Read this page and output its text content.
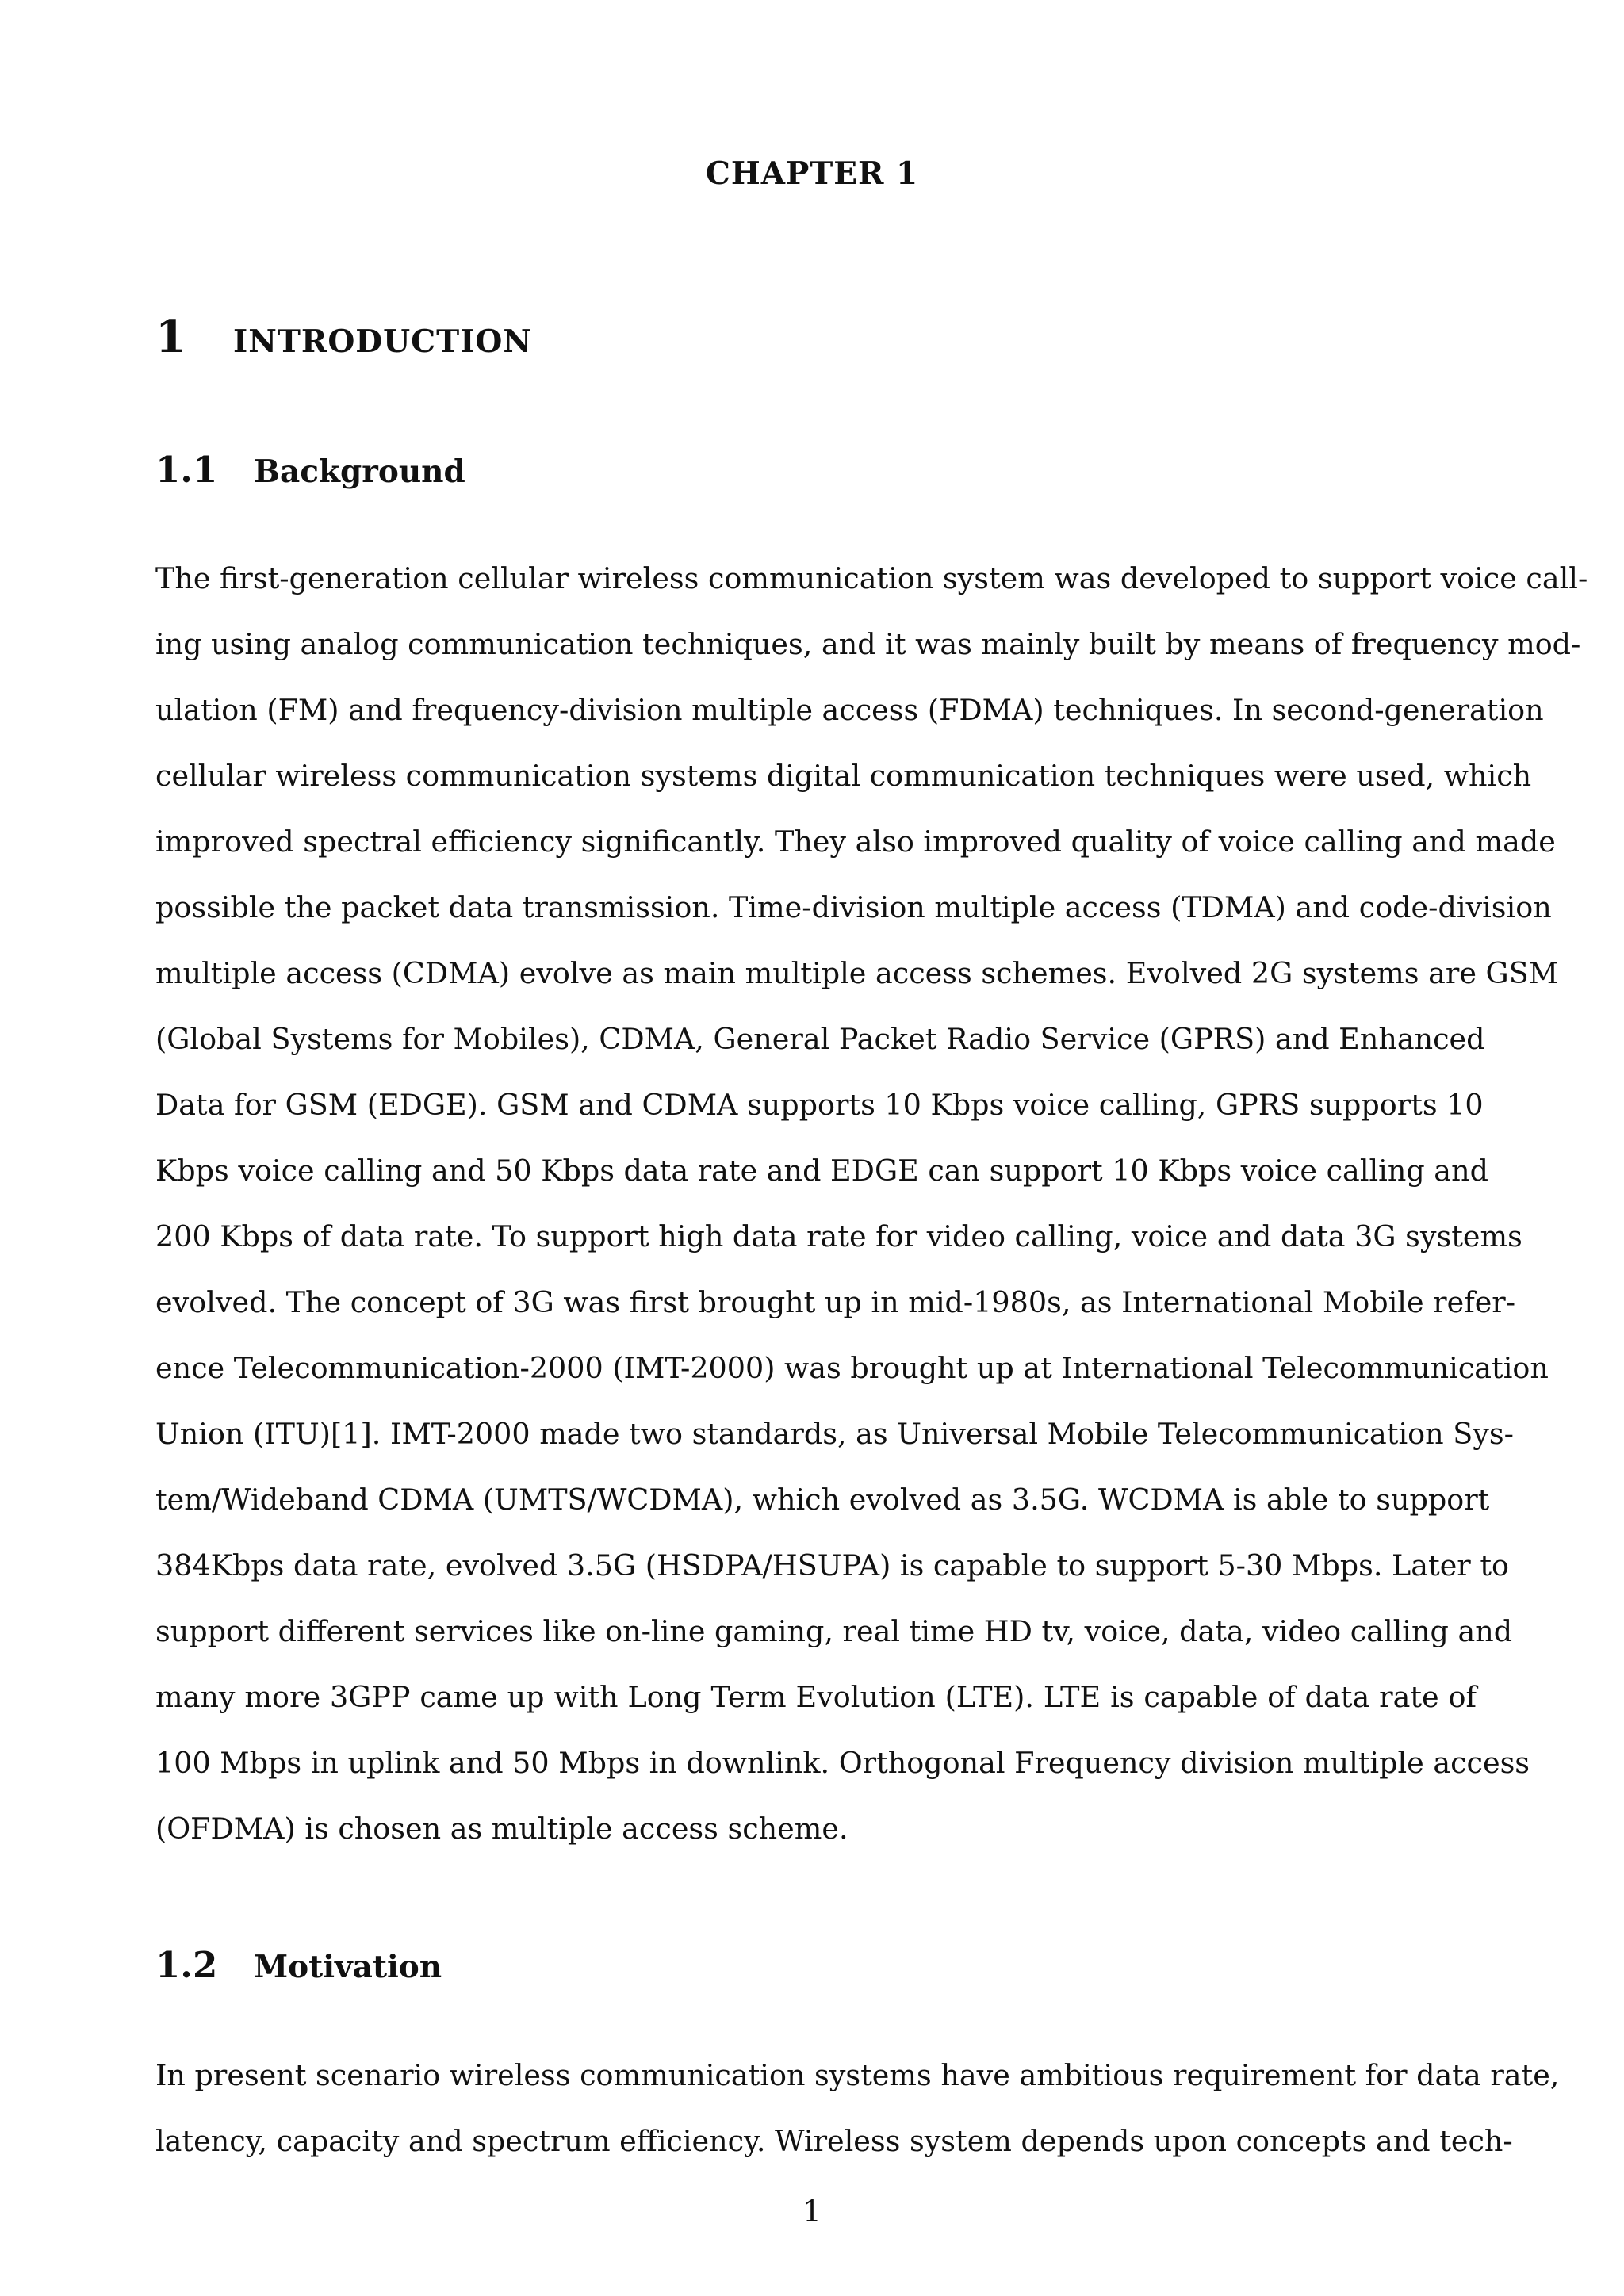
CHAPTER 1
1	INTRODUCTION
1.1	Background
The first-generation cellular wireless communication system was developed to support voice call-
ing using analog communication techniques, and it was mainly built by means of frequency mod-
ulation (FM) and frequency-division multiple access (FDMA) techniques. In second-generation
cellular wireless communication systems digital communication techniques were used, which
improved spectral efficiency significantly. They also improved quality of voice calling and made
possible the packet data transmission. Time-division multiple access (TDMA) and code-division
multiple access (CDMA) evolve as main multiple access schemes. Evolved 2G systems are GSM
(Global Systems for Mobiles), CDMA, General Packet Radio Service (GPRS) and Enhanced
Data for GSM (EDGE). GSM and CDMA supports 10 Kbps voice calling, GPRS supports 10
Kbps voice calling and 50 Kbps data rate and EDGE can support 10 Kbps voice calling and
200 Kbps of data rate. To support high data rate for video calling, voice and data 3G systems
evolved. The concept of 3G was first brought up in mid-1980s, as International Mobile refer-
ence Telecommunication-2000 (IMT-2000) was brought up at International Telecommunication
Union (ITU)[1]. IMT-2000 made two standards, as Universal Mobile Telecommunication Sys-
tem/Wideband CDMA (UMTS/WCDMA), which evolved as 3.5G. WCDMA is able to support
384Kbps data rate, evolved 3.5G (HSDPA/HSUPA) is capable to support 5-30 Mbps. Later to
support different services like on-line gaming, real time HD tv, voice, data, video calling and
many more 3GPP came up with Long Term Evolution (LTE). LTE is capable of data rate of
100 Mbps in uplink and 50 Mbps in downlink. Orthogonal Frequency division multiple access
(OFDMA) is chosen as multiple access scheme.
1.2	Motivation
In present scenario wireless communication systems have ambitious requirement for data rate,
latency, capacity and spectrum efficiency. Wireless system depends upon concepts and tech-
1
